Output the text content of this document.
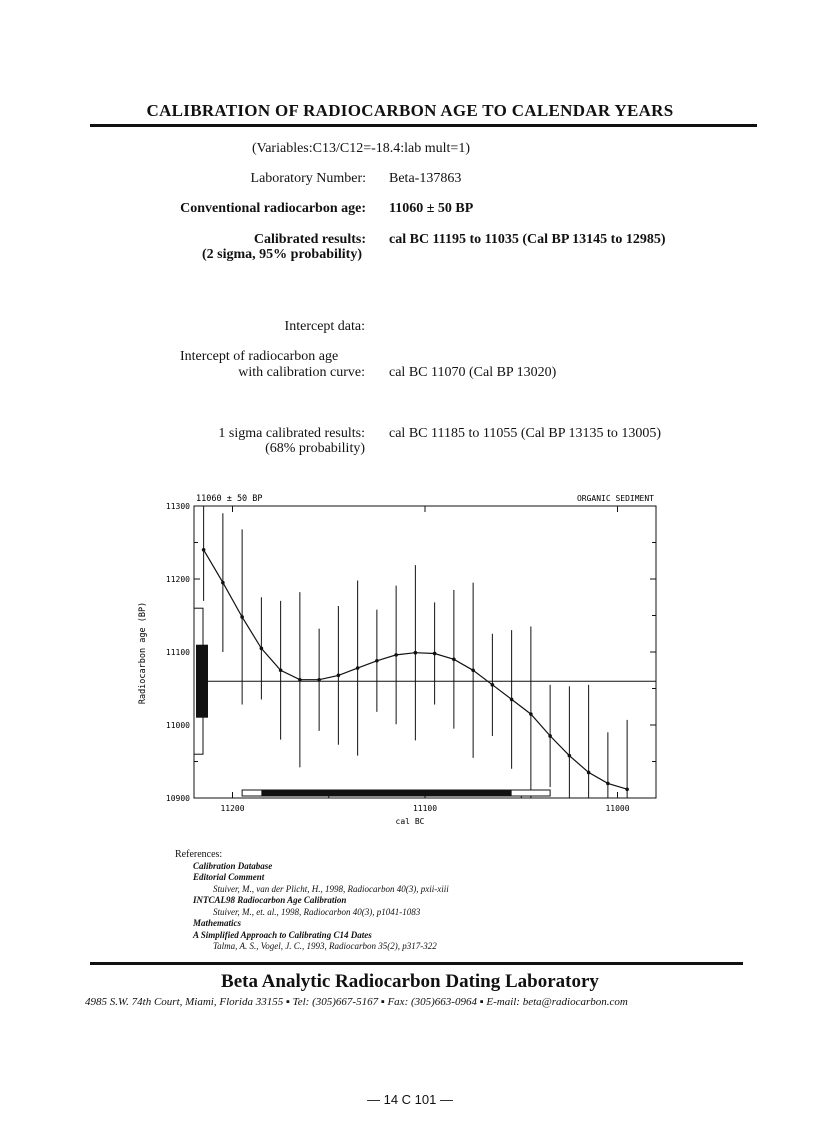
CALIBRATION OF RADIOCARBON AGE TO CALENDAR YEARS
(Variables:C13/C12=-18.4:lab mult=1)
Laboratory Number: Beta-137863
Conventional radiocarbon age: 11060 ± 50 BP
Calibrated results: cal BC 11195 to 11035 (Cal BP 13145 to 12985)
(2 sigma, 95% probability)
Intercept data:
Intercept of radiocarbon age
with calibration curve: cal BC 11070 (Cal BP 13020)
1 sigma calibrated results:
(68% probability)
cal BC 11185 to 11055 (Cal BP 13135 to 13005)
11300
11200
11100
11000
10900
11200	11100	11000
11060 ± 50 BP	ORGANIC SEDIMENT
cal BC
Radiocarbon age (BP)
References:
Calibration Database
Editorial Comment
Stuiver, M., van der Plicht, H., 1998, Radiocarbon 40(3), pxii-xiii
INTCAL98 Radiocarbon Age Calibration
Stuiver, M., et. al., 1998, Radiocarbon 40(3), p1041-1083
Mathematics
A Simplified Approach to Calibrating C14 Dates
Talma, A. S., Vogel, J. C., 1993, Radiocarbon 35(2), p317-322
Beta Analytic Radiocarbon Dating Laboratory
4985 S.W. 74th Court, Miami, Florida 33155 ▪ Tel: (305)667-5167 ▪ Fax: (305)663-0964 ▪ E-mail: beta@radiocarbon.com
— 14 C 101 —
